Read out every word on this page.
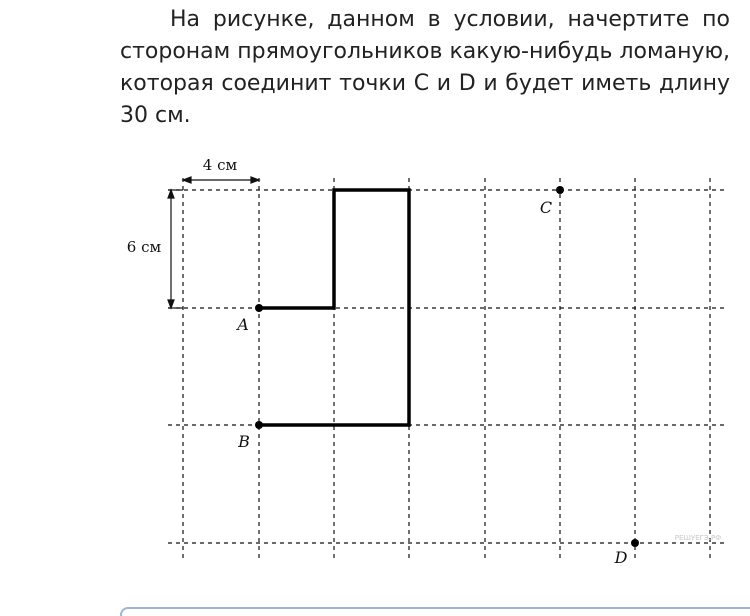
На рисунке, данном в условии, начертите по сторонам прямоугольников какую-нибудь ломаную, которая соединит точки C и D и будет иметь длину 30 см.
4 см
6 см
A
B
C
D
РЕШУЕГЭ.РФ
